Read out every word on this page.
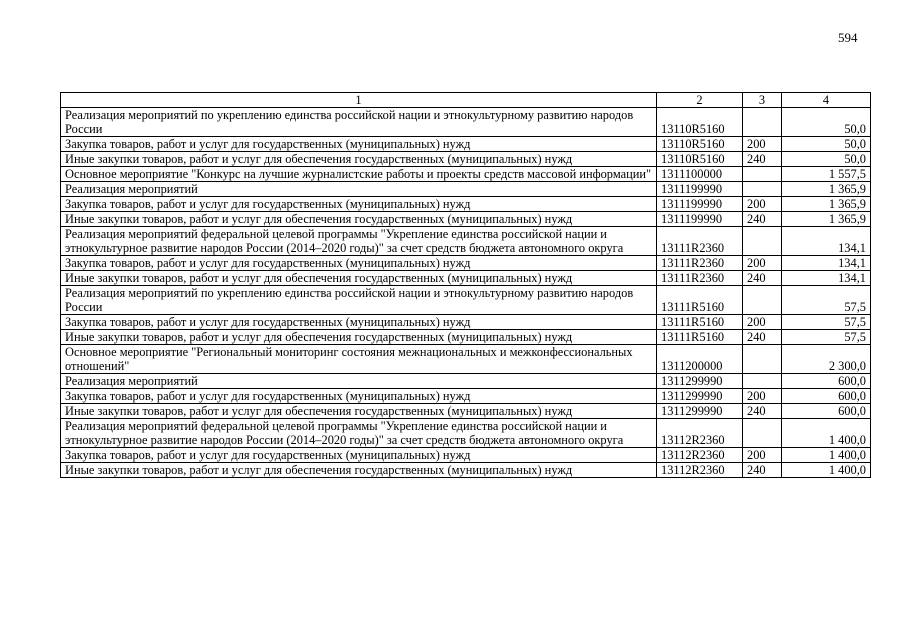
594
1	2	3	4
Реализация мероприятий по укреплению единства российской нации и этнокультурному развитию народов России	13110R5160		50,0
Закупка товаров, работ и услуг для государственных (муниципальных) нужд	13110R5160	200	50,0
Иные закупки товаров, работ и услуг для обеспечения государственных (муниципальных) нужд	13110R5160	240	50,0
Основное мероприятие "Конкурс на лучшие журналистские работы и проекты средств массовой информации"	1311100000		1 557,5
Реализация мероприятий	1311199990		1 365,9
Закупка товаров, работ и услуг для государственных (муниципальных) нужд	1311199990	200	1 365,9
Иные закупки товаров, работ и услуг для обеспечения государственных (муниципальных) нужд	1311199990	240	1 365,9
Реализация мероприятий федеральной целевой программы "Укрепление единства российской нации и этнокультурное развитие народов России (2014–2020 годы)" за счет средств бюджета автономного округа	13111R2360		134,1
Закупка товаров, работ и услуг для государственных (муниципальных) нужд	13111R2360	200	134,1
Иные закупки товаров, работ и услуг для обеспечения государственных (муниципальных) нужд	13111R2360	240	134,1
Реализация мероприятий по укреплению единства российской нации и этнокультурному развитию народов России	13111R5160		57,5
Закупка товаров, работ и услуг для государственных (муниципальных) нужд	13111R5160	200	57,5
Иные закупки товаров, работ и услуг для обеспечения государственных (муниципальных) нужд	13111R5160	240	57,5
Основное мероприятие "Региональный мониторинг состояния межнациональных и межконфессиональных отношений"	1311200000		2 300,0
Реализация мероприятий	1311299990		600,0
Закупка товаров, работ и услуг для государственных (муниципальных) нужд	1311299990	200	600,0
Иные закупки товаров, работ и услуг для обеспечения государственных (муниципальных) нужд	1311299990	240	600,0
Реализация мероприятий федеральной целевой программы "Укрепление единства российской нации и этнокультурное развитие народов России (2014–2020 годы)" за счет средств бюджета автономного округа	13112R2360		1 400,0
Закупка товаров, работ и услуг для государственных (муниципальных) нужд	13112R2360	200	1 400,0
Иные закупки товаров, работ и услуг для обеспечения государственных (муниципальных) нужд	13112R2360	240	1 400,0
